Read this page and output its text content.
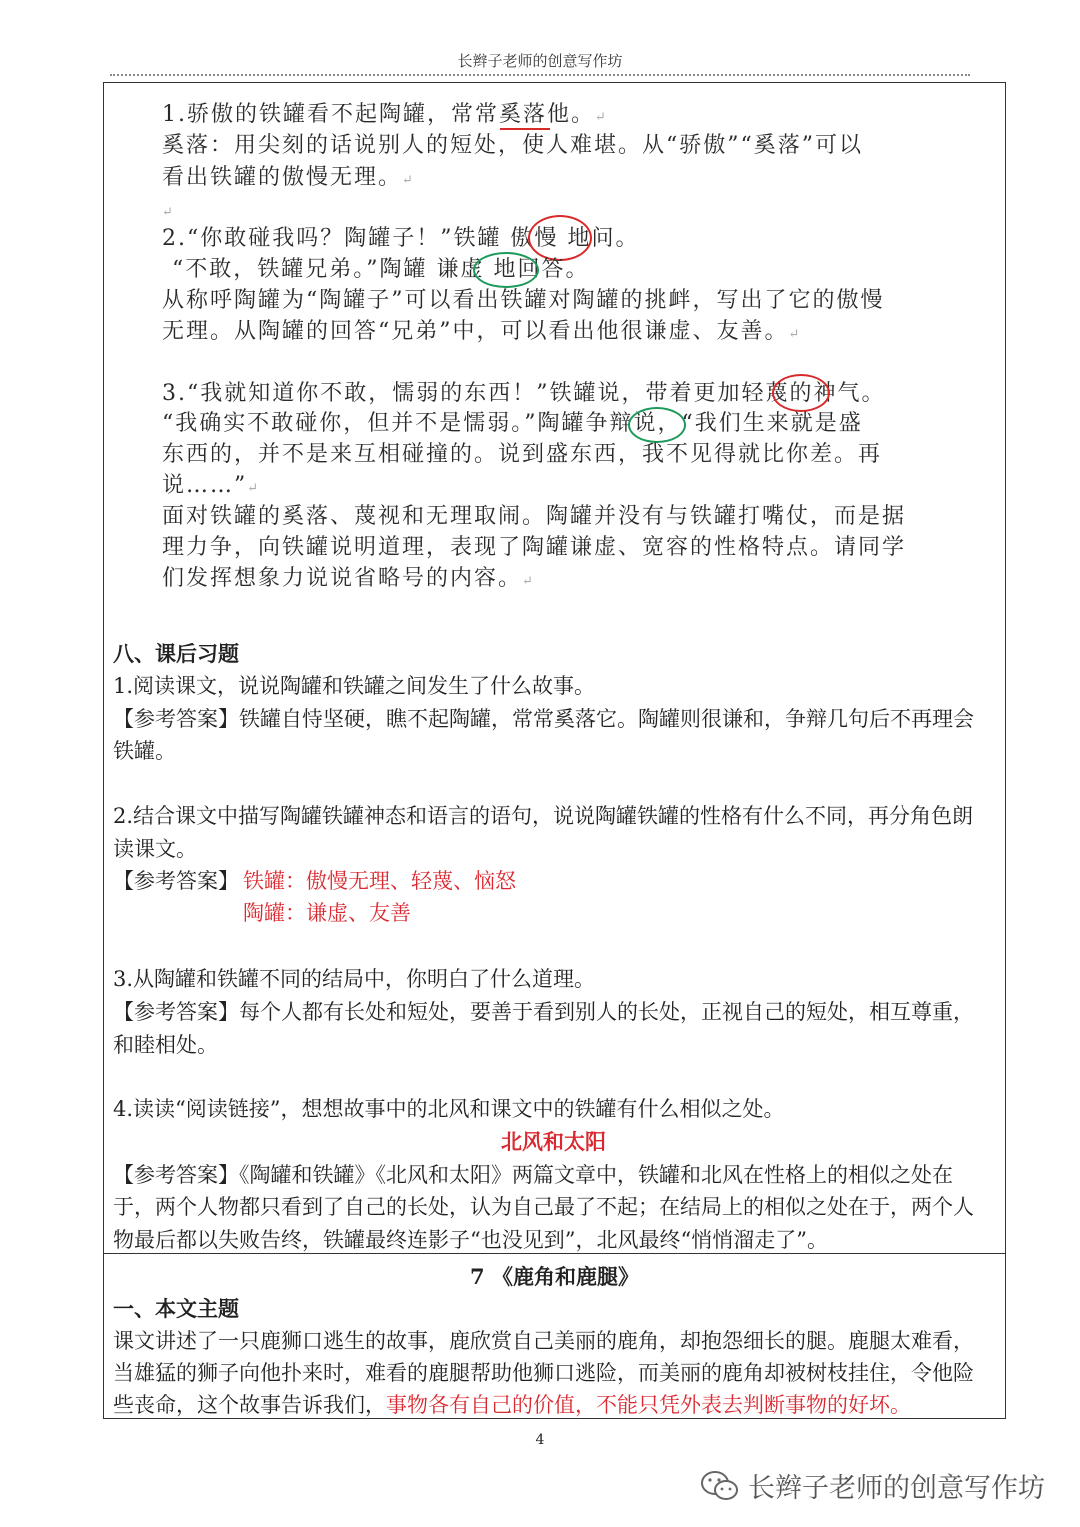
长辫子老师的创意写作坊
1.骄傲的铁罐看不起陶罐，常常奚落他。↵
奚落：用尖刻的话说别人的短处，使人难堪。从“骄傲”“奚落”可以
看出铁罐的傲慢无理。↵
↵
2.“你敢碰我吗？陶罐子！”铁罐 傲慢 地问。
“不敢，铁罐兄弟。”陶罐 谦虚 地回答。
从称呼陶罐为“陶罐子”可以看出铁罐对陶罐的挑衅，写出了它的傲慢
无理。从陶罐的回答“兄弟”中，可以看出他很谦虚、友善。↵
3.“我就知道你不敢，懦弱的东西！”铁罐说，带着更加轻蔑的神气。
“我确实不敢碰你，但并不是懦弱。”陶罐争辩说，“我们生来就是盛
东西的，并不是来互相碰撞的。说到盛东西，我不见得就比你差。再
说……”↵
面对铁罐的奚落、蔑视和无理取闹。陶罐并没有与铁罐打嘴仗，而是据
理力争，向铁罐说明道理，表现了陶罐谦虚、宽容的性格特点。请同学
们发挥想象力说说省略号的内容。↵
八、课后习题
1.阅读课文，说说陶罐和铁罐之间发生了什么故事。
【参考答案】铁罐自恃坚硬，瞧不起陶罐，常常奚落它。陶罐则很谦和，争辩几句后不再理会
铁罐。
2.结合课文中描写陶罐铁罐神态和语言的语句，说说陶罐铁罐的性格有什么不同，再分角色朗
读课文。
【参考答案】 铁罐：傲慢无理、轻蔑、恼怒
陶罐：谦虚、友善
3.从陶罐和铁罐不同的结局中，你明白了什么道理。
【参考答案】每个人都有长处和短处，要善于看到别人的长处，正视自己的短处，相互尊重，
和睦相处。
4.读读“阅读链接”，想想故事中的北风和课文中的铁罐有什么相似之处。
北风和太阳
【参考答案】《陶罐和铁罐》《北风和太阳》两篇文章中，铁罐和北风在性格上的相似之处在
于，两个人物都只看到了自己的长处，认为自己最了不起；在结局上的相似之处在于，两个人
物最后都以失败告终，铁罐最终连影子“也没见到”，北风最终“悄悄溜走了”。
7 《鹿角和鹿腿》
一、本文主题
课文讲述了一只鹿狮口逃生的故事，鹿欣赏自己美丽的鹿角，却抱怨细长的腿。鹿腿太难看，
当雄猛的狮子向他扑来时，难看的鹿腿帮助他狮口逃险，而美丽的鹿角却被树枝挂住，令他险
些丧命，这个故事告诉我们，事物各有自己的价值，不能只凭外表去判断事物的好坏。
4
长辫子老师的创意写作坊
